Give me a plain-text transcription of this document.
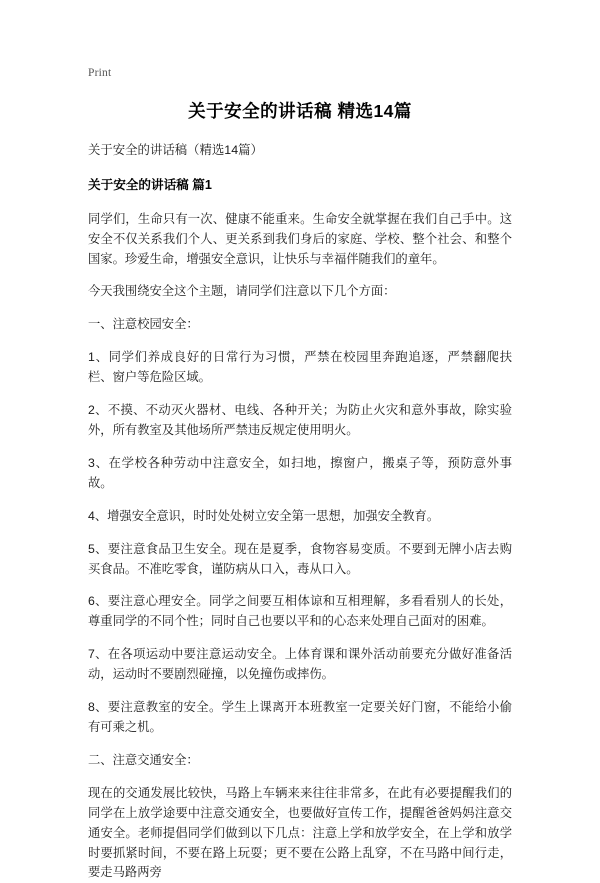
Print
关于安全的讲话稿 精选14篇

关于安全的讲话稿（精选14篇）

关于安全的讲话稿 篇1

同学们，生命只有一次、健康不能重来。生命安全就掌握在我们自己手中。这安全不仅关系我们个人、更关系到我们身后的家庭、学校、整个社会、和整个国家。珍爱生命，增强安全意识，让快乐与幸福伴随我们的童年。

今天我围绕安全这个主题，请同学们注意以下几个方面：

一、注意校园安全：

1、同学们养成良好的日常行为习惯，严禁在校园里奔跑追逐，严禁翻爬扶栏、窗户等危险区域。

2、不摸、不动灭火器材、电线、各种开关；为防止火灾和意外事故，除实验外，所有教室及其他场所严禁违反规定使用明火。

3、在学校各种劳动中注意安全，如扫地，擦窗户，搬桌子等，预防意外事故。

4、增强安全意识，时时处处树立安全第一思想，加强安全教育。

5、要注意食品卫生安全。现在是夏季，食物容易变质。不要到无牌小店去购买食品。不准吃零食，谨防病从口入，毒从口入。

6、要注意心理安全。同学之间要互相体谅和互相理解，多看看别人的长处，尊重同学的不同个性；同时自己也要以平和的心态来处理自己面对的困难。

7、在各项运动中要注意运动安全。上体育课和课外活动前要充分做好准备活动，运动时不要剧烈碰撞，以免撞伤或摔伤。

8、要注意教室的安全。学生上课离开本班教室一定要关好门窗，不能给小偷有可乘之机。

二、注意交通安全：

现在的交通发展比较快，马路上车辆来来往往非常多，在此有必要提醒我们的同学在上放学途要中注意交通安全，也要做好宣传工作，提醒爸爸妈妈注意交通安全。老师提倡同学们做到以下几点：注意上学和放学安全，在上学和放学时要抓紧时间，不要在路上玩耍；更不要在公路上乱穿，不在马路中间行走，要走马路两旁
